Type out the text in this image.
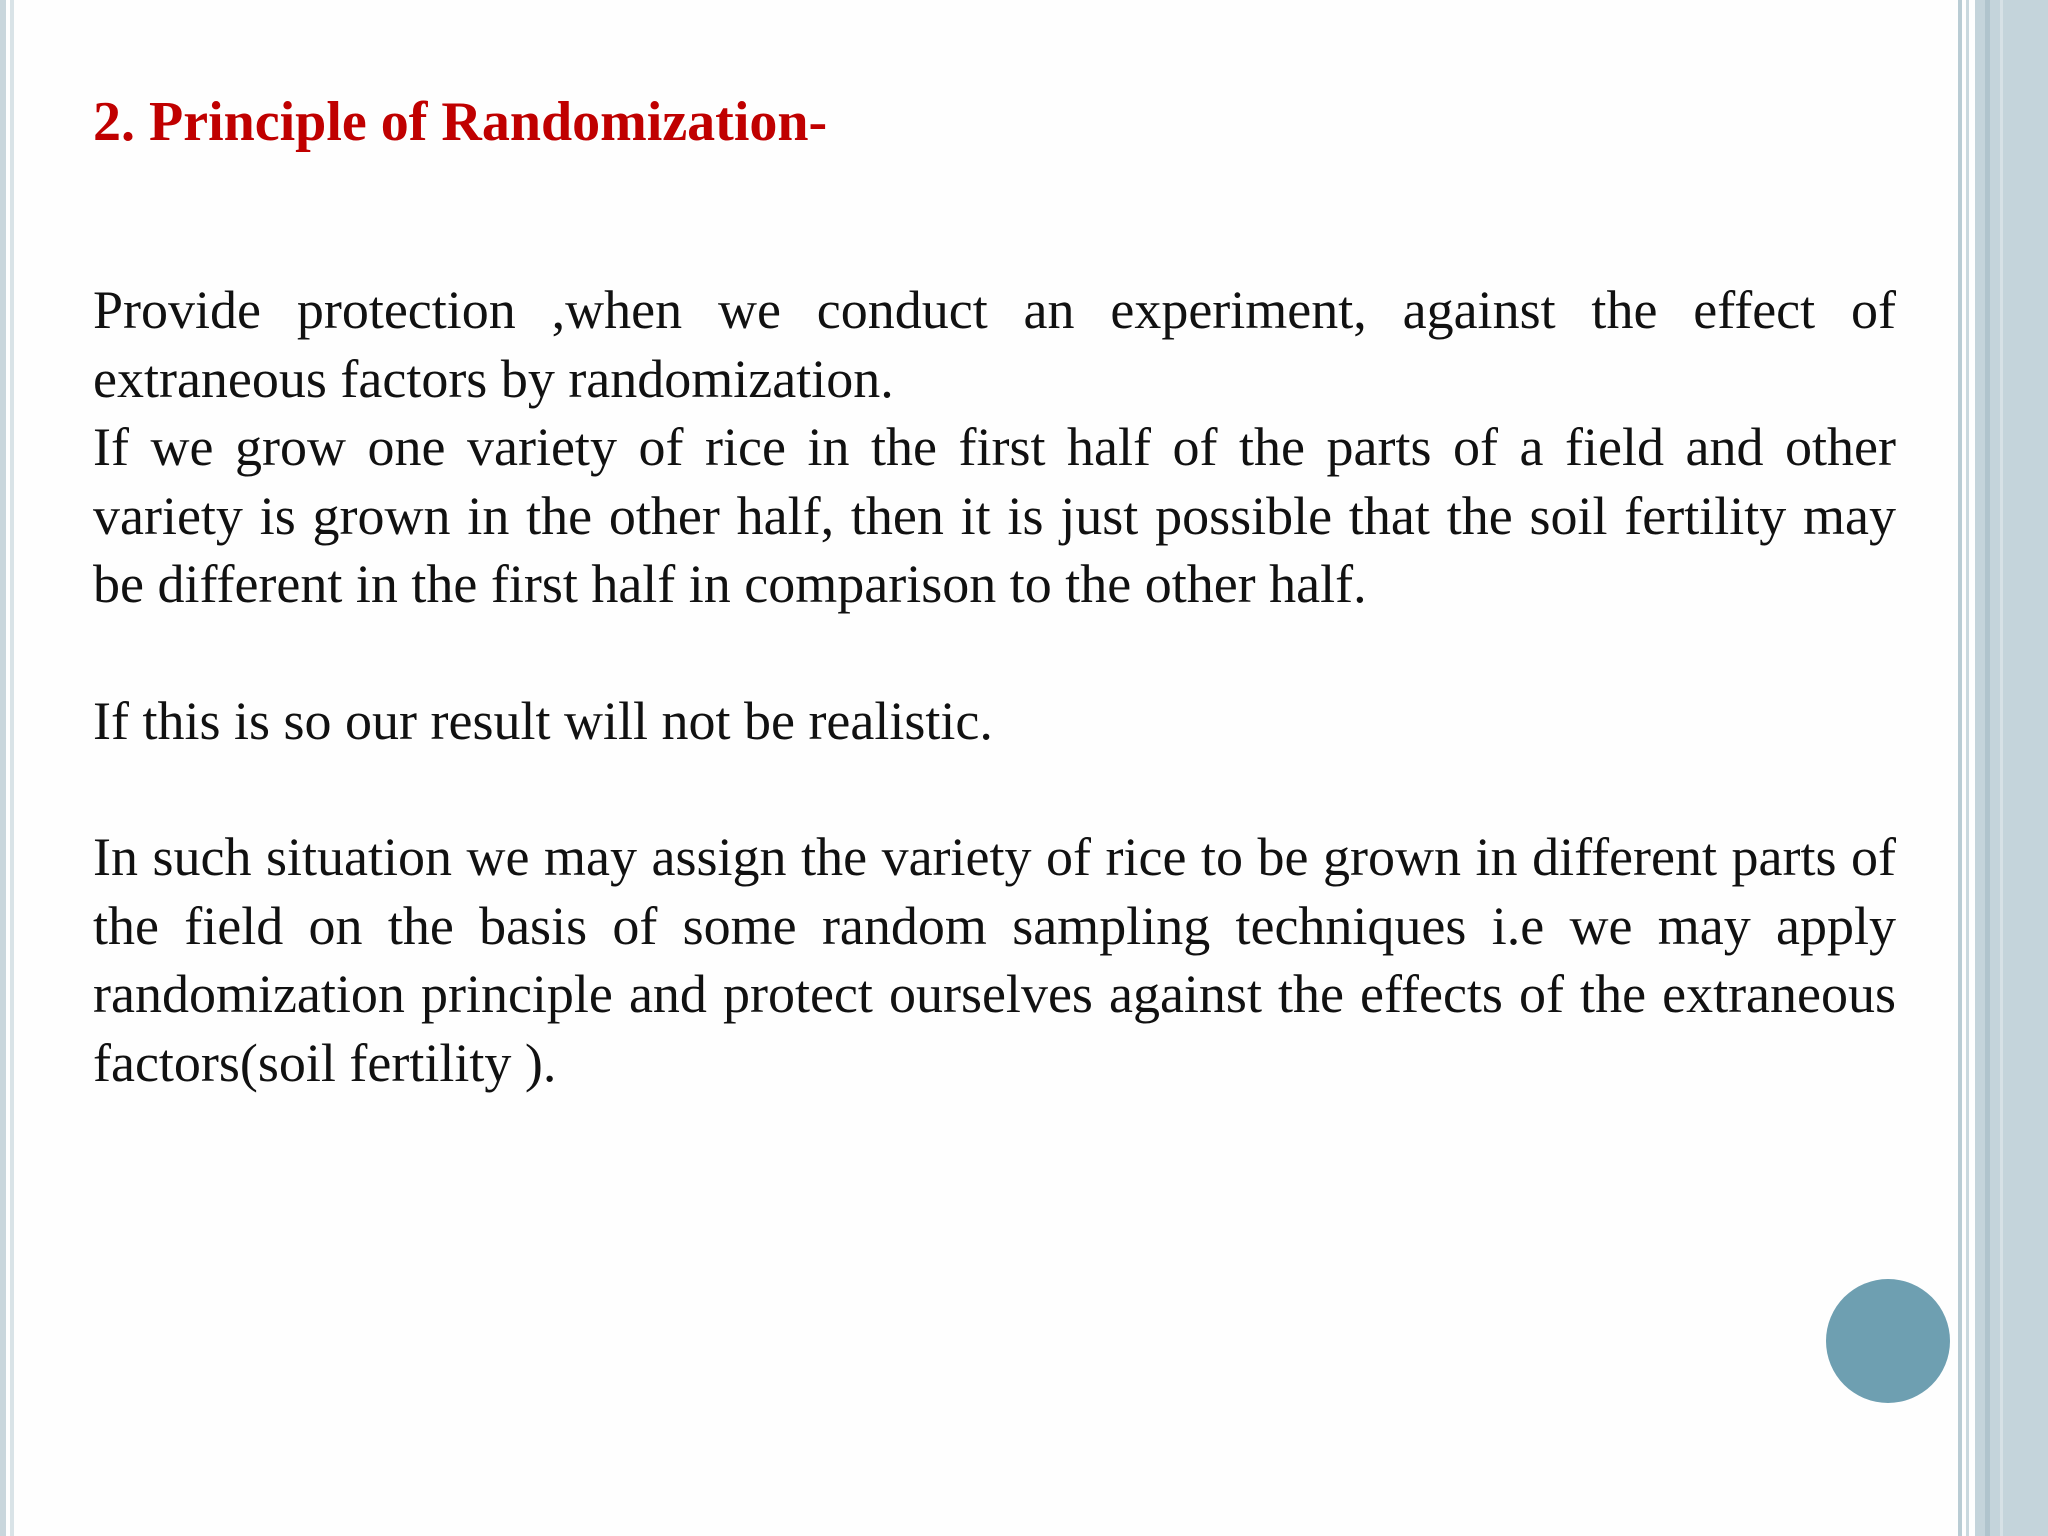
2. Principle of Randomization-

Provide protection ,when we conduct an experiment, against the effect of extraneous factors by randomization.

If we grow one variety of rice in the first half of the parts of a field and other variety is grown in the other half, then it is just possible that the soil fertility may be different in the first half in comparison to the other half.

If this is so our result will not be realistic.

In such situation we may assign the variety of rice to be grown in different parts of the field on the basis of some random sampling techniques i.e we may apply randomization principle and protect ourselves against the effects of the extraneous factors(soil fertility ).
